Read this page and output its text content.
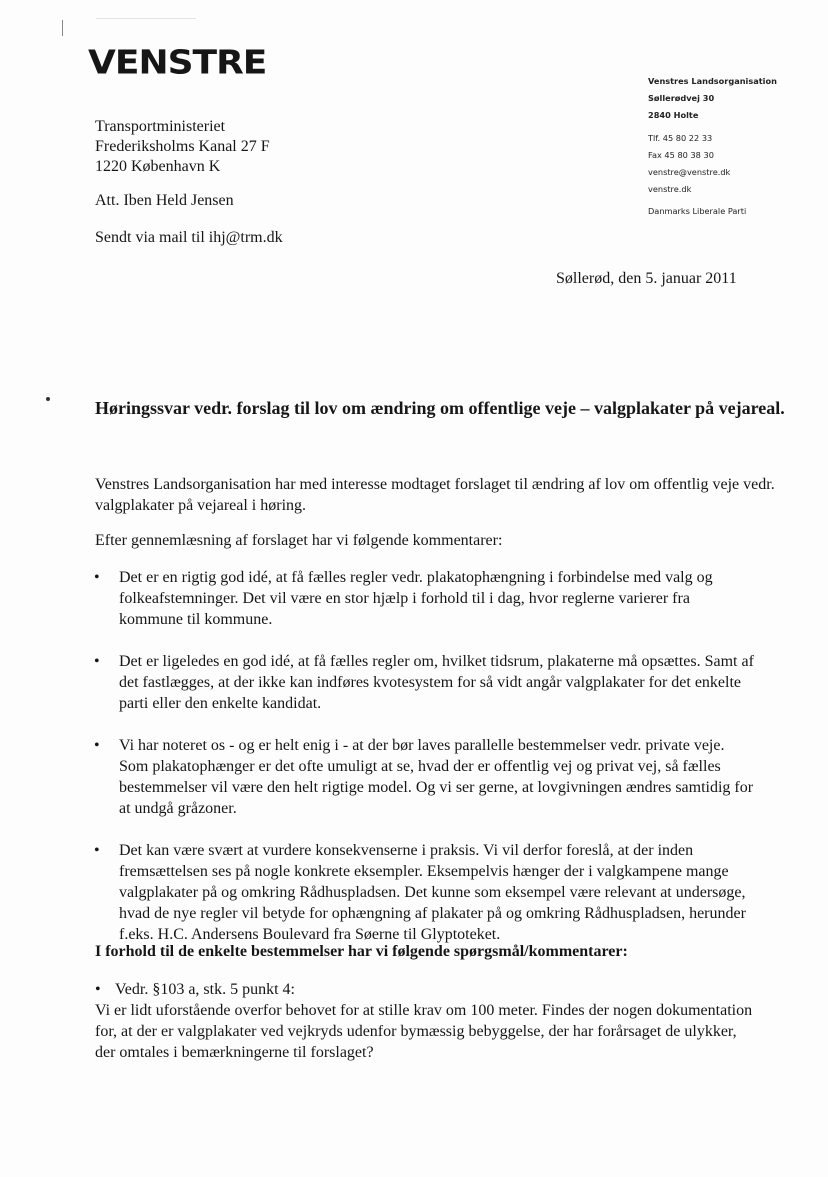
VENSTRE	Venstres Landsorganisation
Søllerødvej 30
2840 Holte
Tlf. 45 80 22 33
Fax 45 80 38 30
venstre@venstre.dk
venstre.dk
Danmarks Liberale Parti
Transportministeriet
Frederiksholms Kanal 27 F
1220 København K
Att. Iben Held Jensen
Sendt via mail til ihj@trm.dk
Søllerød, den 5. januar 2011
Høringssvar vedr. forslag til lov om ændring om offentlige veje – valgplakater på vejareal.
Venstres Landsorganisation har med interesse modtaget forslaget til ændring af lov om offentlig veje vedr. valgplakater på vejareal i høring.
Efter gennemlæsning af forslaget har vi følgende kommentarer:
• Det er en rigtig god idé, at få fælles regler vedr. plakatophængning i forbindelse med valg og folkeafstemninger. Det vil være en stor hjælp i forhold til i dag, hvor reglerne varierer fra kommune til kommune.
• Det er ligeledes en god idé, at få fælles regler om, hvilket tidsrum, plakaterne må opsættes. Samt af det fastlægges, at der ikke kan indføres kvotesystem for så vidt angår valgplakater for det enkelte parti eller den enkelte kandidat.
• Vi har noteret os - og er helt enig i - at der bør laves parallelle bestemmelser vedr. private veje. Som plakatophænger er det ofte umuligt at se, hvad der er offentlig vej og privat vej, så fælles bestemmelser vil være den helt rigtige model. Og vi ser gerne, at lovgivningen ændres samtidig for at undgå gråzoner.
• Det kan være svært at vurdere konsekvenserne i praksis. Vi vil derfor foreslå, at der inden fremsættelsen ses på nogle konkrete eksempler. Eksempelvis hænger der i valgkampene mange valgplakater på og omkring Rådhuspladsen. Det kunne som eksempel være relevant at undersøge, hvad de nye regler vil betyde for ophængning af plakater på og omkring Rådhuspladsen, herunder f.eks. H.C. Andersens Boulevard fra Søerne til Glyptoteket.
I forhold til de enkelte bestemmelser har vi følgende spørgsmål/kommentarer:
• Vedr. §103 a, stk. 5 punkt 4:
Vi er lidt uforstående overfor behovet for at stille krav om 100 meter. Findes der nogen dokumentation for, at der er valgplakater ved vejkryds udenfor bymæssig bebyggelse, der har forårsaget de ulykker, der omtales i bemærkningerne til forslaget?
